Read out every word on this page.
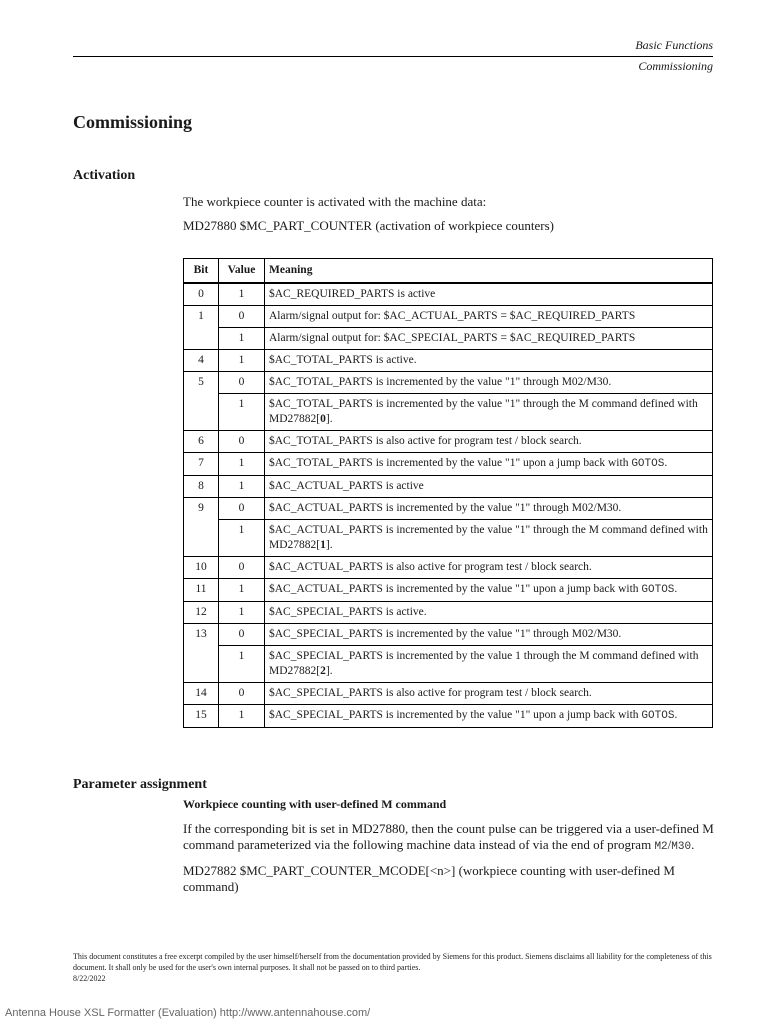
Basic Functions
Commissioning
Commissioning
Activation

The workpiece counter is activated with the machine data:

MD27880 $MC_PART_COUNTER (activation of workpiece counters)

Bit	Value	Meaning
0	1	$AC_REQUIRED_PARTS is active
1	0	Alarm/signal output for: $AC_ACTUAL_PARTS = $AC_REQUIRED_PARTS
	1	Alarm/signal output for: $AC_SPECIAL_PARTS = $AC_REQUIRED_PARTS
4	1	$AC_TOTAL_PARTS is active.
5	0	$AC_TOTAL_PARTS is incremented by the value "1" through M02/M30.
	1	$AC_TOTAL_PARTS is incremented by the value "1" through the M command defined with MD27882[0].
6	0	$AC_TOTAL_PARTS is also active for program test / block search.
7	1	$AC_TOTAL_PARTS is incremented by the value "1" upon a jump back with GOTOS.
8	1	$AC_ACTUAL_PARTS is active
9	0	$AC_ACTUAL_PARTS is incremented by the value "1" through M02/M30.
	1	$AC_ACTUAL_PARTS is incremented by the value "1" through the M command defined with MD27882[1].
10	0	$AC_ACTUAL_PARTS is also active for program test / block search.
11	1	$AC_ACTUAL_PARTS is incremented by the value "1" upon a jump back with GOTOS.
12	1	$AC_SPECIAL_PARTS is active.
13	0	$AC_SPECIAL_PARTS is incremented by the value "1" through M02/M30.
	1	$AC_SPECIAL_PARTS is incremented by the value 1 through the M command defined with MD27882[2].
14	0	$AC_SPECIAL_PARTS is also active for program test / block search.
15	1	$AC_SPECIAL_PARTS is incremented by the value "1" upon a jump back with GOTOS.
Parameter assignment

Workpiece counting with user-defined M command

If the corresponding bit is set in MD27880, then the count pulse can be triggered via a user-defined M command parameterized via the following machine data instead of via the end of program M2/M30.

MD27882 $MC_PART_COUNTER_MCODE[<n>] (workpiece counting with user-defined M command)

This document constitutes a free excerpt compiled by the user himself/herself from the documentation provided by Siemens for this product. Siemens disclaims all liability for the completeness of this document. It shall only be used for the user's own internal purposes. It shall not be passed on to third parties.
8/22/2022
Antenna House XSL Formatter (Evaluation) http://www.antennahouse.com/
